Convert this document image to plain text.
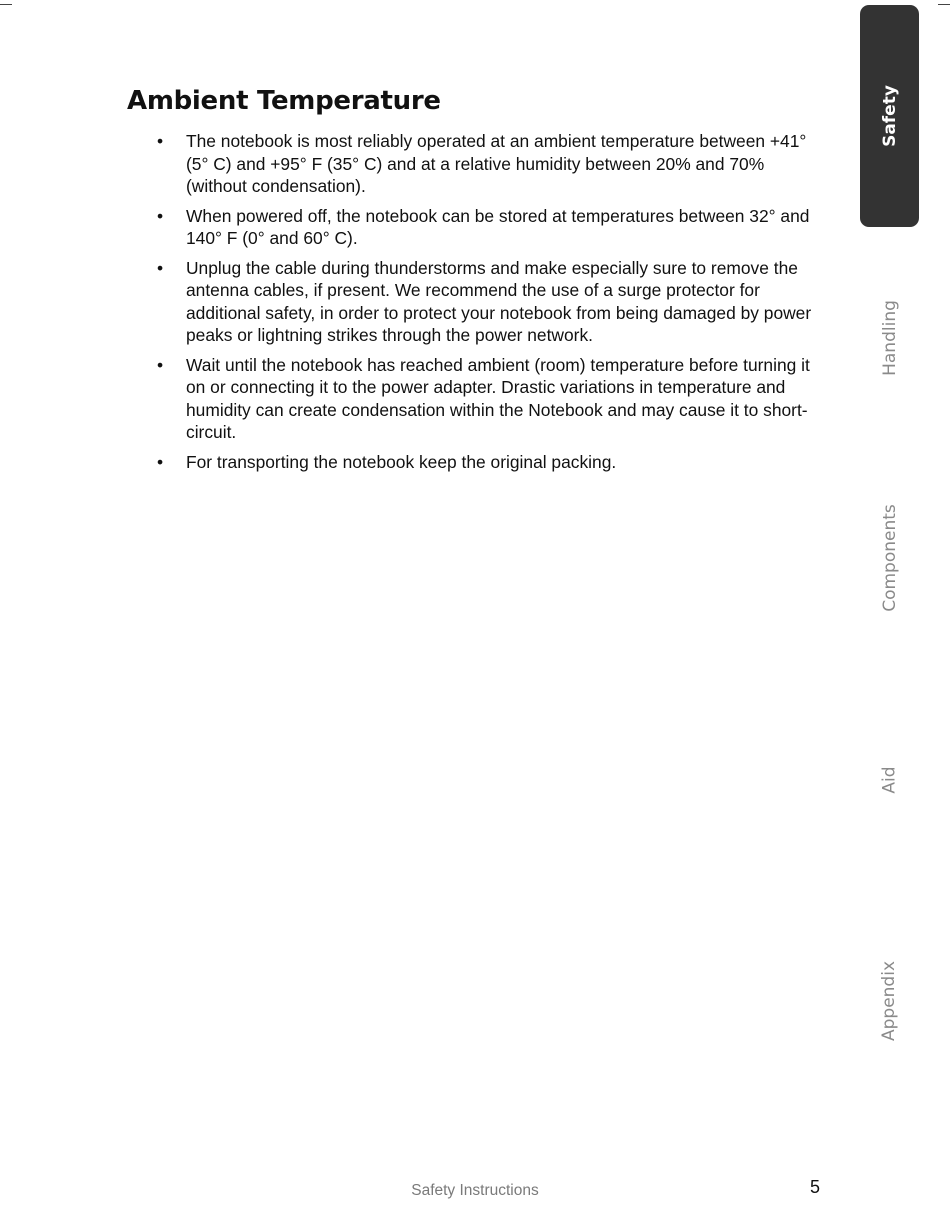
Ambient Temperature
• The notebook is most reliably operated at an ambient temperature between +41° (5° C) and +95° F (35° C) and at a relative humidity between 20% and 70% (without condensation).
• When powered off, the notebook can be stored at temperatures between 32° and 140° F (0° and 60° C).
• Unplug the cable during thunderstorms and make especially sure to remove the antenna cables, if present. We recommend the use of a surge protector for additional safety, in order to protect your notebook from being damaged by power peaks or lightning strikes through the power network.
• Wait until the notebook has reached ambient (room) temperature before turning it on or connecting it to the power adapter. Drastic variations in temperature and humidity can create condensation within the Notebook and may cause it to short-circuit.
• For transporting the notebook keep the original packing.
Safety
Handling
Components
Aid
Appendix
Safety Instructions	5
